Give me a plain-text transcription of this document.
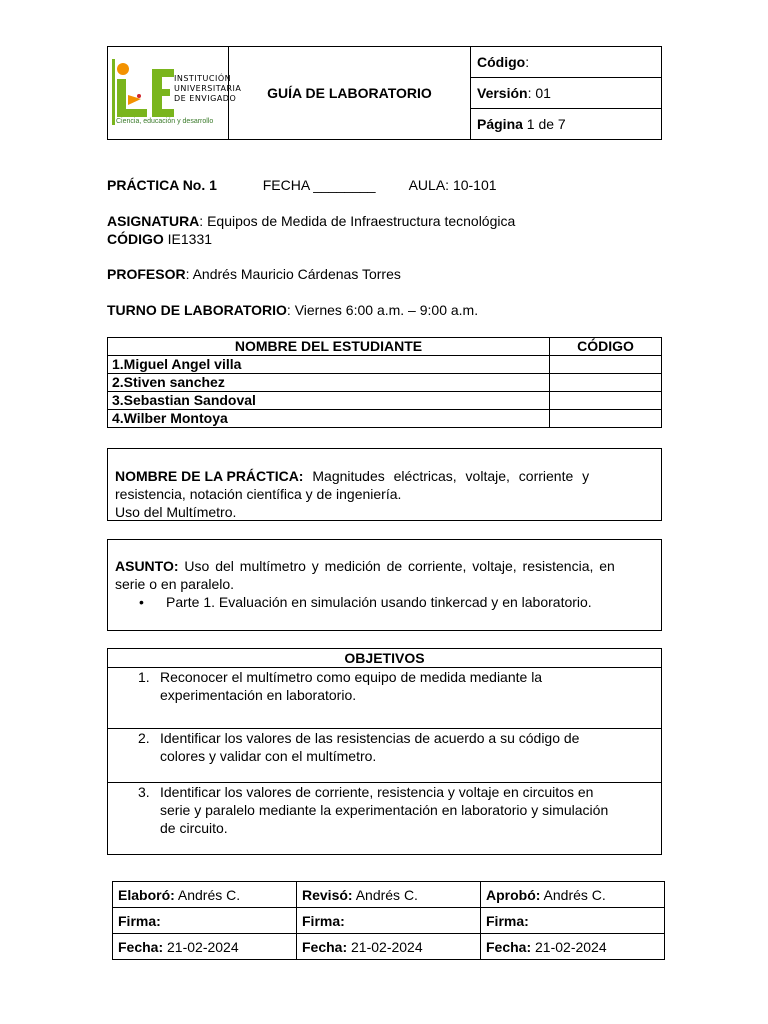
INSTITUCIÓN
UNIVERSITARIA
DE ENVIGADO
Ciencia, educación y desarrollo
	GUÍA DE LABORATORIO	Código:
Versión: 01
Página 1 de 7
PRÁCTICA No. 1	FECHA ________ AULA: 10-101
ASIGNATURA: Equipos de Medida de Infraestructura tecnológica
CÓDIGO IE1331
PROFESOR: Andrés Mauricio Cárdenas Torres
TURNO DE LABORATORIO: Viernes 6:00 a.m. – 9:00 a.m.
NOMBRE DEL ESTUDIANTE	CÓDIGO
1.Miguel Angel villa	
2.Stiven sanchez	
3.Sebastian Sandoval	
4.Wilber Montoya	
NOMBRE DE LA PRÁCTICA: Magnitudes eléctricas, voltaje, corriente y
resistencia, notación científica y de ingeniería.
Uso del Multímetro.
ASUNTO: Uso del multímetro y medición de corriente, voltaje, resistencia, en
serie o en paralelo.
•	Parte 1. Evaluación en simulación usando tinkercad y en laboratorio.
OBJETIVOS

1. Reconocer el multímetro como equipo de medida mediante la
experimentación en laboratorio.

2. Identificar los valores de las resistencias de acuerdo a su código de
colores y validar con el multímetro.

3. Identificar los valores de corriente, resistencia y voltaje en circuitos en
serie y paralelo mediante la experimentación en laboratorio y simulación
de circuito.
Elaboró: Andrés C.	Revisó: Andrés C.	Aprobó: Andrés C.
Firma:	Firma:	Firma:
Fecha: 21-02-2024	Fecha: 21-02-2024	Fecha: 21-02-2024
